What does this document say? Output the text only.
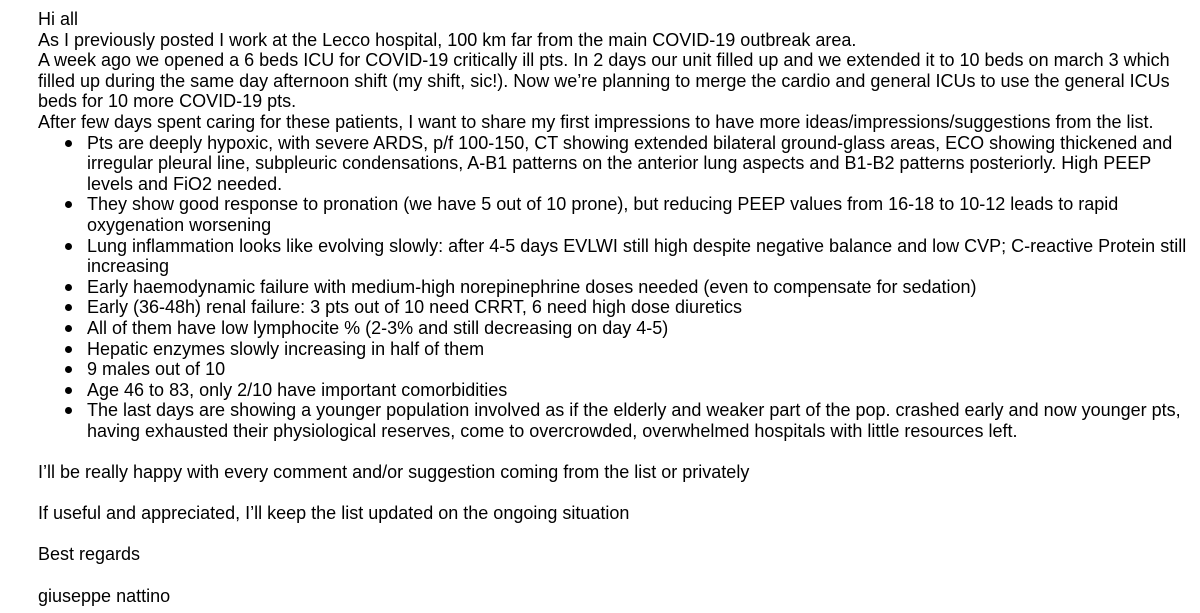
Hi all

As I previously posted I work at the Lecco hospital, 100 km far from the main COVID-19 outbreak area.

A week ago we opened a 6 beds ICU for COVID-19 critically ill pts. In 2 days our unit filled up and we extended it to 10 beds on march 3 which filled up during the same day afternoon shift (my shift, sic!). Now we’re planning to merge the cardio and general ICUs to use the general ICUs beds for 10 more COVID-19 pts.

After few days spent caring for these patients, I want to share my first impressions to have more ideas/impressions/suggestions from the list.

Pts are deeply hypoxic, with severe ARDS, p/f 100-150, CT showing extended bilateral ground-glass areas, ECO showing thickened and irregular pleural line, subpleuric condensations, A-B1 patterns on the anterior lung aspects and B1-B2 patterns posteriorly. High PEEP levels and FiO2 needed.
They show good response to pronation (we have 5 out of 10 prone), but reducing PEEP values from 16-18 to 10-12 leads to rapid oxygenation worsening
Lung inflammation looks like evolving slowly: after 4-5 days EVLWI still high despite negative balance and low CVP; C-reactive Protein still increasing
Early haemodynamic failure with medium-high norepinephrine doses needed (even to compensate for sedation)
Early (36-48h) renal failure: 3 pts out of 10 need CRRT, 6 need high dose diuretics
All of them have low lymphocite % (2-3% and still decreasing on day 4-5)
Hepatic enzymes slowly increasing in half of them
9 males out of 10
Age 46 to 83, only 2/10 have important comorbidities
The last days are showing a younger population involved as if the elderly and weaker part of the pop. crashed early and now younger pts, having exhausted their physiological reserves, come to overcrowded, overwhelmed hospitals with little resources left.

I’ll be really happy with every comment and/or suggestion coming from the list or privately

If useful and appreciated, I’ll keep the list updated on the ongoing situation

Best regards

giuseppe nattino
